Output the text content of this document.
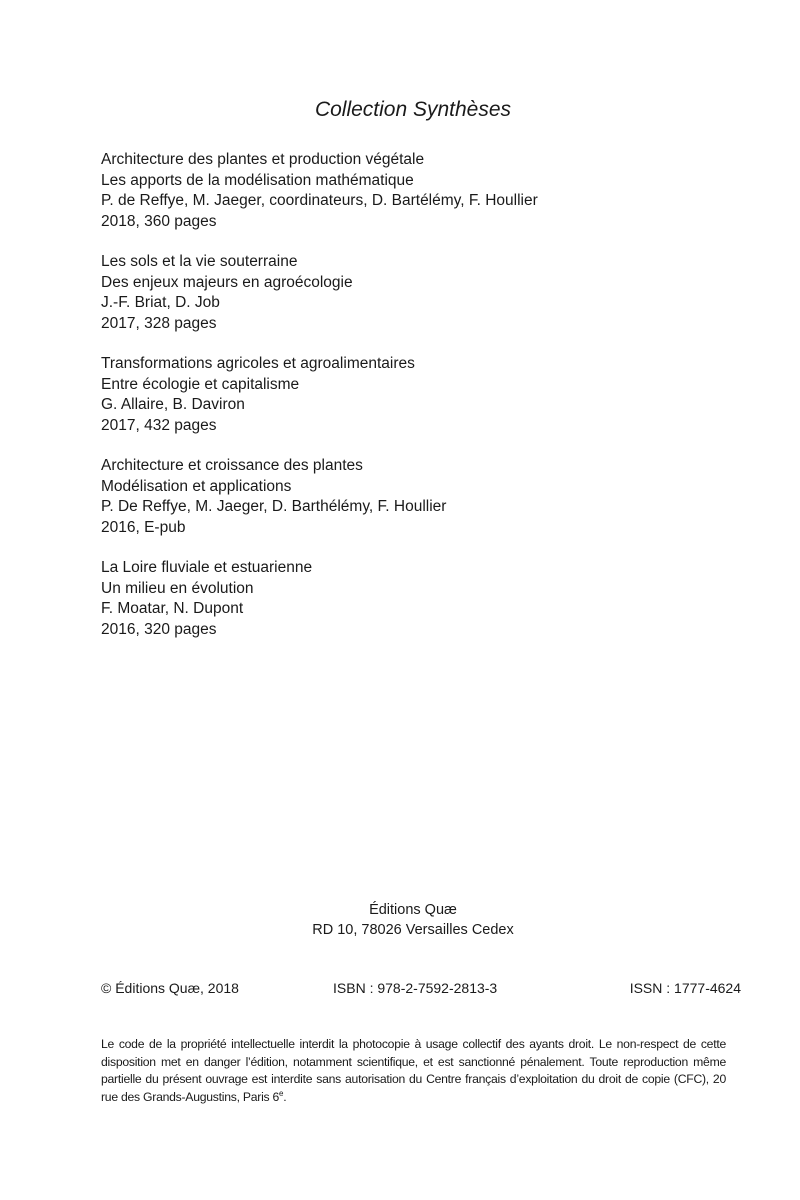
Collection Synthèses
Architecture des plantes et production végétale
Les apports de la modélisation mathématique
P. de Reffye, M. Jaeger, coordinateurs, D. Bartélémy, F. Houllier
2018, 360 pages
Les sols et la vie souterraine
Des enjeux majeurs en agroécologie
J.-F. Briat, D. Job
2017, 328 pages
Transformations agricoles et agroalimentaires
Entre écologie et capitalisme
G. Allaire, B. Daviron
2017, 432 pages
Architecture et croissance des plantes
Modélisation et applications
P. De Reffye, M. Jaeger, D. Barthélémy, F. Houllier
2016, E-pub
La Loire fluviale et estuarienne
Un milieu en évolution
F. Moatar, N. Dupont
2016, 320 pages
Éditions Quæ
RD 10, 78026 Versailles Cedex
© Éditions Quæ, 2018	ISBN : 978-2-7592-2813-3	ISSN : 1777-4624
Le code de la propriété intellectuelle interdit la photocopie à usage collectif des ayants droit. Le non-respect de cette disposition met en danger l’édition, notamment scientifique, et est sanctionné pénalement. Toute reproduction même partielle du présent ouvrage est interdite sans autorisation du Centre français d’exploitation du droit de copie (CFC), 20 rue des Grands-Augustins, Paris 6e.
